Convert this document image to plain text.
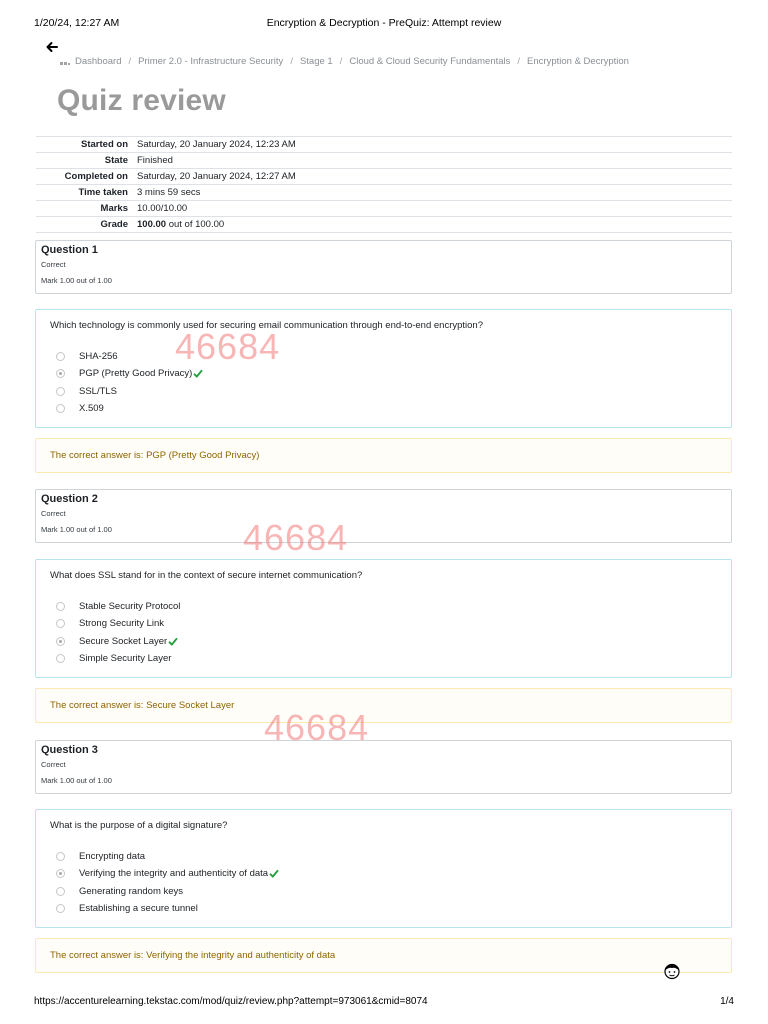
1/20/24, 12:27 AM	Encryption & Decryption - PreQuiz: Attempt review
Dashboard / Primer 2.0 - Infrastructure Security / Stage 1 / Cloud & Cloud Security Fundamentals / Encryption & Decryption
Quiz review
Started on	Saturday, 20 January 2024, 12:23 AM
State	Finished
Completed on	Saturday, 20 January 2024, 12:27 AM
Time taken	3 mins 59 secs
Marks	10.00/10.00
Grade	100.00 out of 100.00
Question 1
Correct
Mark 1.00 out of 1.00
Which technology is commonly used for securing email communication through end-to-end encryption?
SHA-256
PGP (Pretty Good Privacy)
SSL/TLS
X.509
The correct answer is: PGP (Pretty Good Privacy)
Question 2
Correct
Mark 1.00 out of 1.00
What does SSL stand for in the context of secure internet communication?
Stable Security Protocol
Strong Security Link
Secure Socket Layer
Simple Security Layer
The correct answer is: Secure Socket Layer
Question 3
Correct
Mark 1.00 out of 1.00
What is the purpose of a digital signature?
Encrypting data
Verifying the integrity and authenticity of data
Generating random keys
Establishing a secure tunnel
The correct answer is: Verifying the integrity and authenticity of data
46684
46684
46684
https://accenturelearning.tekstac.com/mod/quiz/review.php?attempt=973061&cmid=8074	1/4
